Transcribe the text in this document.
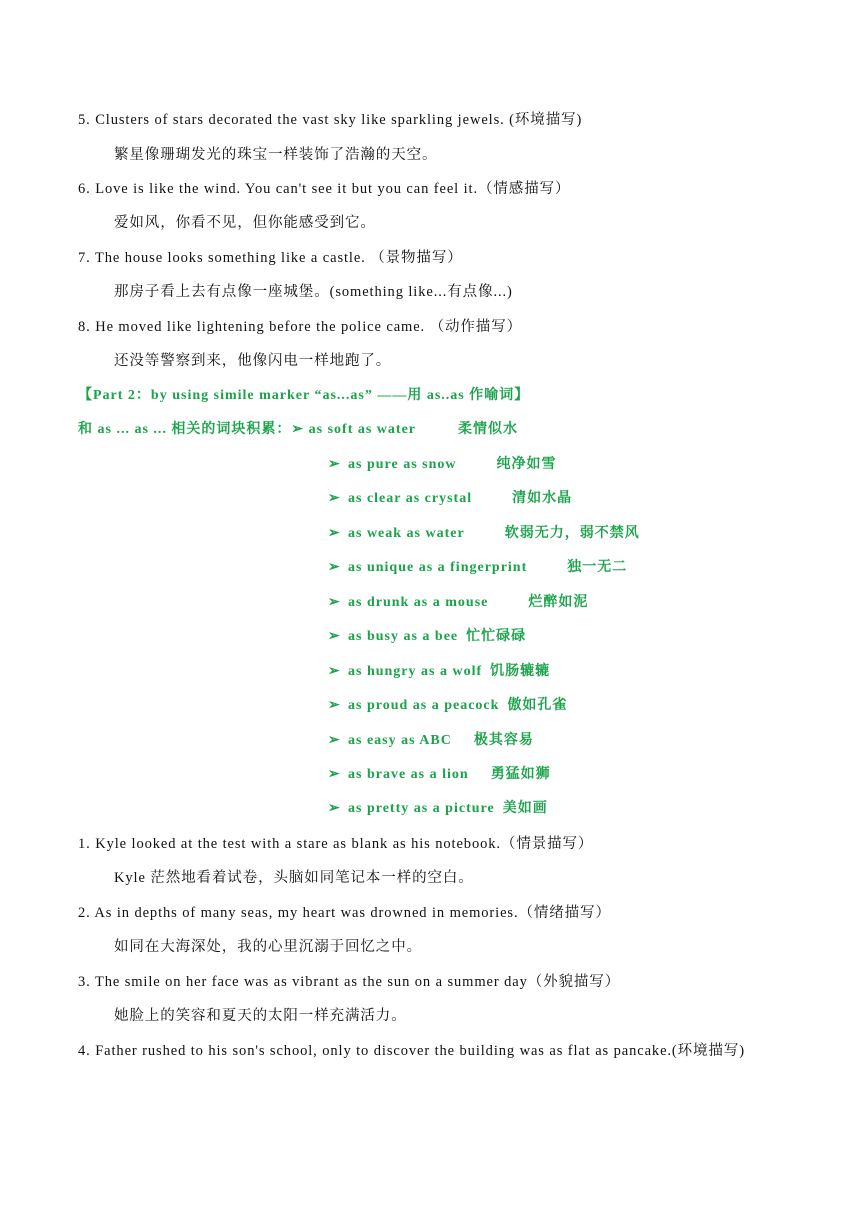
5. Clusters of stars decorated the vast sky like sparkling jewels. (环境描写)
繁星像珊瑚发光的珠宝一样装饰了浩瀚的天空。
6. Love is like the wind. You can't see it but you can feel it.（情感描写）
爱如风，你看不见，但你能感受到它。
7. The house looks something like a castle. （景物描写）
那房子看上去有点像一座城堡。(something like...有点像...)
8. He moved like lightening before the police came. （动作描写）
还没等警察到来，他像闪电一样地跑了。
【Part 2：by using simile marker “as...as” ——用 as..as 作喻词】
和 as ... as ... 相关的词块积累：➢ as soft as water	柔情似水
➢ as pure as snow	纯净如雪
➢ as clear as crystal	清如水晶
➢ as weak as water	软弱无力，弱不禁风
➢ as unique as a fingerprint	独一无二
➢ as drunk as a mouse	烂醉如泥
➢ as busy as a bee 忙忙碌碌
➢ as hungry as a wolf 饥肠辘辘
➢ as proud as a peacock 傲如孔雀
➢ as easy as ABC 极其容易
➢ as brave as a lion 勇猛如狮
➢ as pretty as a picture 美如画
1. Kyle looked at the test with a stare as blank as his notebook.（情景描写）
Kyle 茫然地看着试卷，头脑如同笔记本一样的空白。
2. As in depths of many seas, my heart was drowned in memories.（情绪描写）
如同在大海深处，我的心里沉溺于回忆之中。
3. The smile on her face was as vibrant as the sun on a summer day（外貌描写）
她脸上的笑容和夏天的太阳一样充满活力。
4. Father rushed to his son's school, only to discover the building was as flat as pancake.(环境描写)
